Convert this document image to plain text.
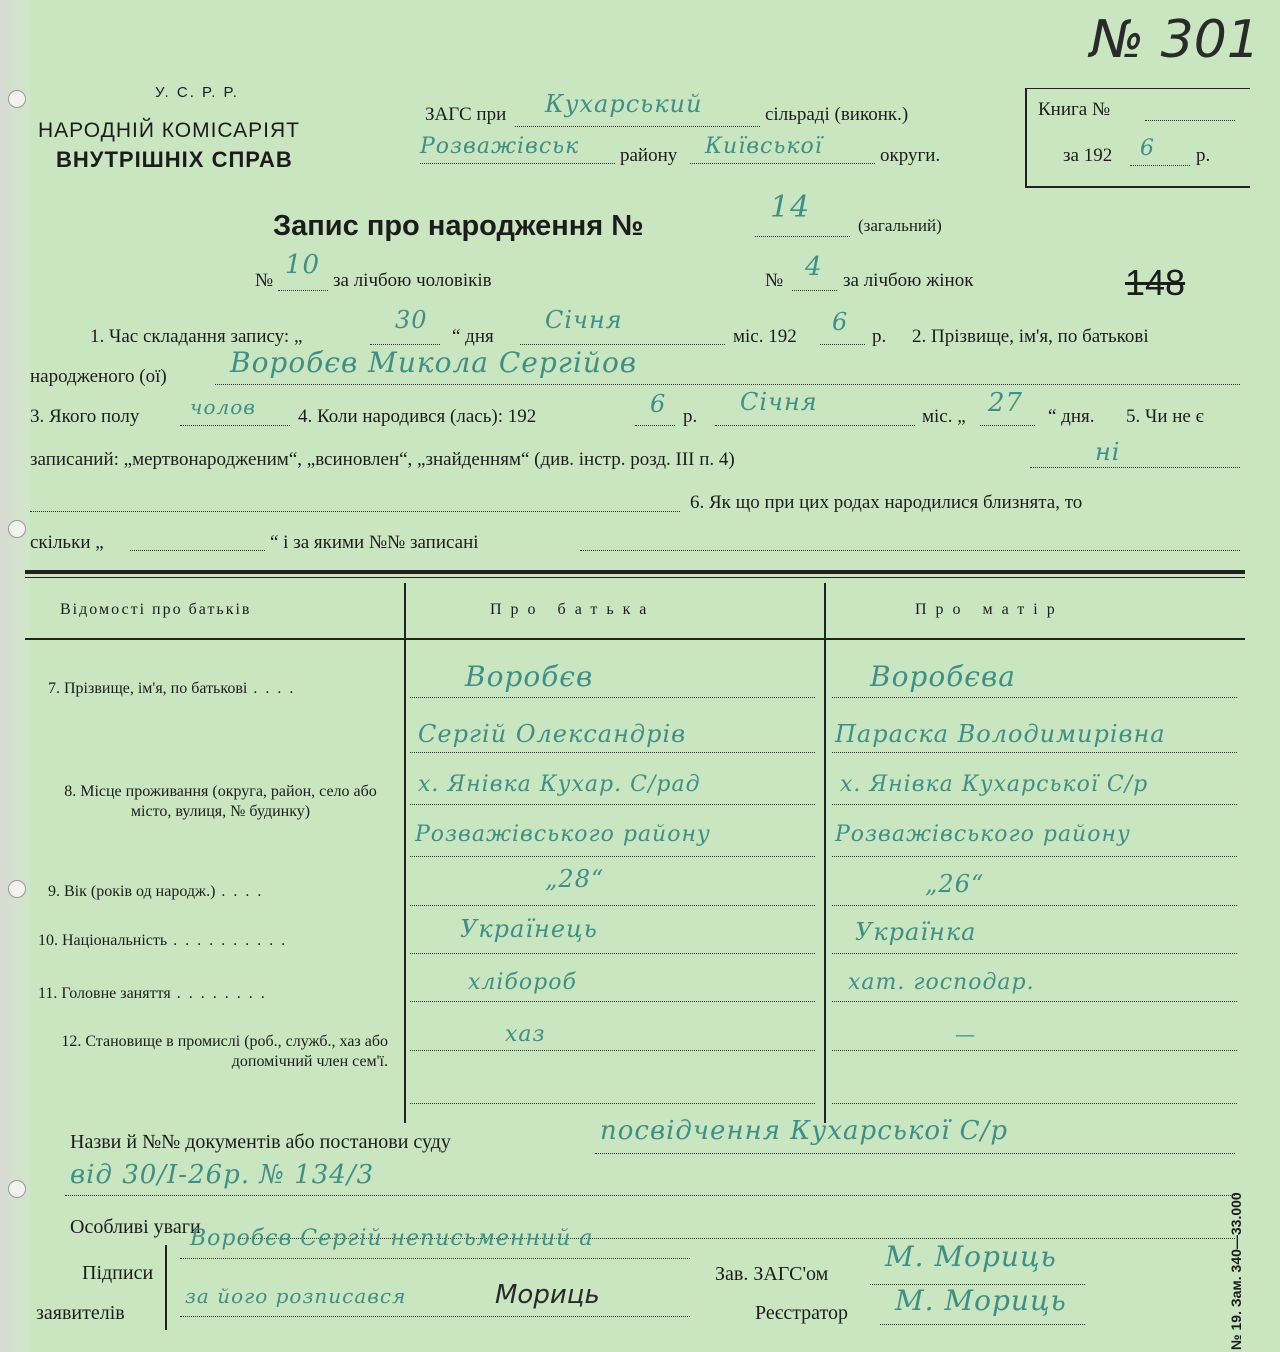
№ 301
У. С. Р. Р.
НАРОДНІЙ КОМІСАРІЯТ
ВНУТРІШНІХ СПРАВ
ЗАГС при Кухарський	сільраді (виконк.)
Розважівськ району Київської	округи.
Книга №
за 192 6 р.
Запис про народження №
14
(загальний)
№
10
за лічбою чоловіків	№ 4 за лічбою жінок	148
1. Час складання запису: „
30
“ дня
Січня
міс. 192
6
р. 2. Прізвище, ім'я, по батькові
народженого (ої) Воробєв Микола Сергійов
3. Якого полу	чолов 4. Коли народився (лась): 192	6 р.
Січня
міс. „ 27 “ дня. 5. Чи не є
записаний: „мертвонародженим“, „всиновлен“, „знайденням“ (див. інстр. розд. III п. 4)	ні
6. Як що при цих родах народилися близнята, то
скільки „	“ і за якими №№ записані
Відомості про батьків	Про батька	Про матір
7. Прізвище, ім'я, по батькові . . . .	Воробєв	Воробєва
Сергій Олександрів	Параска Володимирівна
8. Місце проживання (округа, район, село або місто, вулиця, № будинку)
х. Янівка Кухар. С/рад	х. Янівка Кухарської С/р
Розважівського району	Розважівського району
9. Вік (років од народж.) . . . .	„28“	„26“
10. Національність . . . . . . . . . .	Українець	Українка
11. Головне заняття . . . . . . . .	хлібороб	хат. господар.
12. Становище в промислі (роб., служб., хаз або допомічний член сем'ї.
хаз	—
Назви й №№ документів або постанови суду	посвідчення Кухарської С/р
від 30/I-26р. № 134/3
Особливі уваги
Підписи
заявителів
Воробєв Сергій неписьменний а
за його розписався	Мориць
Зав. ЗАГС'ом
М. Мориць
Реєстратор М. Мориць	№ 19. Зам. 340—33.000
